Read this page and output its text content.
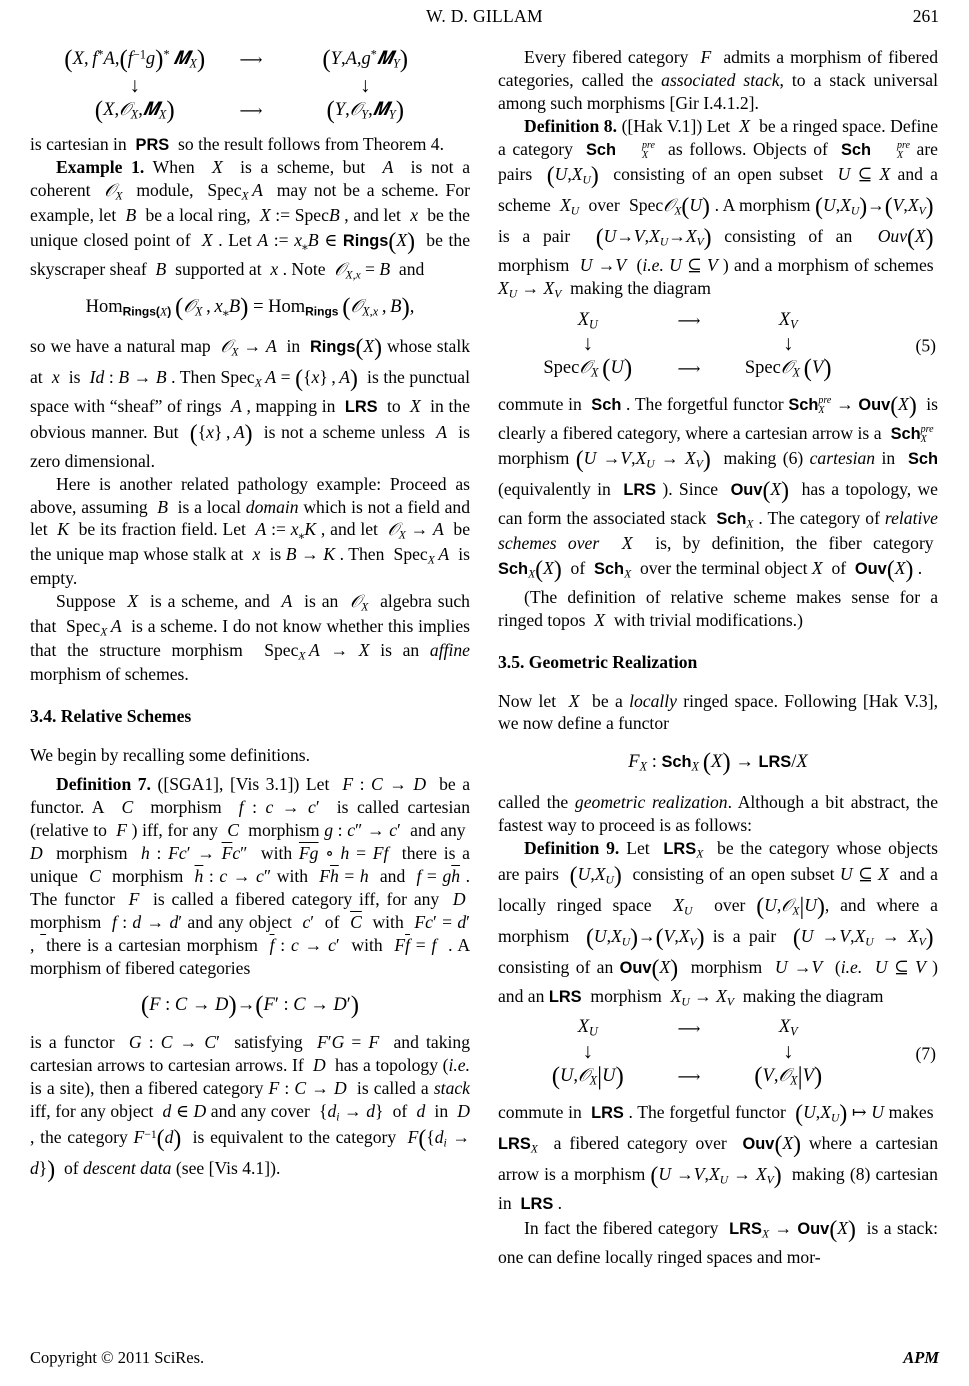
W. D. GILLAM	261
(X, $f^*A,(f^{-1}g)^*$  𝑴$_X$) ⟶ (Y,A,g*𝑴$_Y$)
↓	↓
(X,𝒪$_X$,𝑴$_X$)	⟶	(Y,𝒪$_Y$,𝑴$_Y$)

is cartesian in  PRS  so the result follows from Theorem 4.

Example 1. When  X  is a scheme, but  A  is not a coherent  𝒪$_X$  module,  Spec$_X$  A  may not be a scheme. For example, let  B  be a local ring,  X := SpecB , and let  x  be the unique closed point of  X . Let A := $x_⁎B$ ∈ Rings(X)  be the skyscraper sheaf  B  supported at  x . Note  𝒪$_{X,x}$ = B  and

Hom$_{Rings(X)}$  (𝒪$_X$ , $x_⁎B) = Hom_{Rings}$  (𝒪$_{X,x}$ , B),

so we have a natural map  𝒪$_X$ → A  in  Rings(X) whose stalk at  x  is  Id : B → B . Then Spec$_X$  A = ({x} , A)  is the punctual space with “sheaf” of rings  A , mapping in  LRS  to  X  in the obvious manner. But  ({x} , A)  is not a scheme unless  A  is zero dimensional.

Here is another related pathology example: Proceed as above, assuming  B  is a local domain which is not a field and let  K  be its fraction field. Let  A := $x_⁎K$ , and let  𝒪$_X$ → A  be the unique map whose stalk at  x  is B → K . Then  Spec$_X$  A  is empty.

Suppose  X  is a scheme, and  A  is an  𝒪$_X$  algebra such that  Spec$_X$  A  is a scheme. I do not know whether this implies that the structure morphism  Spec$_X$  A → X is an affine morphism of schemes.

3.4. Relative Schemes

We begin by recalling some definitions.

Definition 7. ([SGA1], [Vis 3.1]) Let  F : C → D  be a functor. A  C  morphism  f : c → c′  is called cartesian (relative to  F ) iff, for any  C  morphism g : c″ → c′  and any  D  morphism  h : $Fc' \to \overline{F}c''$  with $\overline{Fg}$ ∘ h = Ff  there is a unique  C  morphism  $\overline{h}$ : c → c″ with  $F\overline{h} = h$  and  $f = g\overline{h}$ . The functor  F  is called a fibered category iff, for any  D  morphism  f : d → d′ and any object  c′  of  $\overline{C}$  with  Fc′ = d′ ,  there is a cartesian morphism  $\overline{f}$ : c → c′  with  $F\overline{f} = f$  . A morphism of fibered categories

(F : C → D)→(F′ : C → D′)

is a functor  G : C → C′  satisfying  F′G = F  and taking cartesian arrows to cartesian arrows. If  D  has a topology (i.e. is a site), then a fibered category F : C → D  is called a stack iff, for any object  d ∈ D and any cover  $\{d_i \to d\}$  of  d  in  D , the category $F^{-1}(d)$  is equivalent to the category  $F(\{d_i \to d\})$  of descent data (see [Vis 4.1]).

Every fibered category  F  admits a morphism of fibered categories, called the associated stack, to a stack universal among such morphisms [Gir I.4.1.2].

Definition 8. ([Hak V.1]) Let  X  be a ringed space. Define a category  Sch	pre
X as follows. Objects of  Sch	pre
X are pairs  $(U,X_U)$  consisting of an open subset  U ⊆ X and a scheme  $X_U$  over  Spec𝒪$_X$(U) . A morphism $(U,X_U)\to(V,X_V)$  is a pair  $(U\to V,X_U\to X_V)$ consisting of an  Ouv(X)  morphism  U →V  (i.e. U ⊆ V ) and a morphism of schemes  $X_U \to X_V$  making the diagram

$X_U$	⟶	$X_V$
↓	↓
Spec𝒪$_X$  (U)	⟶	Spec𝒪$_X$  (V)
(5)

commute in  Sch . The forgetful functor Sch pre
X → Ouv(X)  is clearly a fibered category, where a cartesian arrow is a  Sch pre
X morphism $(U \to V,X_U \to X_V)$  making (6) cartesian in  Sch (equivalently in  LRS ). Since  Ouv(X)  has a topology, we can form the associated stack  Sch$_X$ . The category of relative schemes over X  is, by definition, the fiber category  Sch$_X$(X)  of  Sch$_X$  over the terminal object X  of  Ouv(X) .

(The definition of relative scheme makes sense for a ringed topos  X  with trivial modifications.)

3.5. Geometric Realization

Now let  X  be a locally ringed space. Following [Hak V.3], we now define a functor

$F_X$ : Sch$_X$  (X) → LRS/X

called the geometric realization. Although a bit abstract, the fastest way to proceed is as follows:

Definition 9. Let  $LRS_X$  be the category whose objects are pairs  $(U,X_U)$  consisting of an open subset U ⊆ X  and a locally ringed space  $X_U$  over (U,𝒪$_X$|U), and where a morphism  $(U,X_U)\to(V,X_V)$ is a pair  $(U \to V,X_U \to X_V)$  consisting of an Ouv(X)  morphism  U →V  (i.e. U ⊆ V ) and an LRS  morphism  $X_U \to X_V$  making the diagram

$X_U$	⟶	$X_V$
↓	↓
(U,𝒪$_X$|U)	⟶ (V,𝒪$_X$|V)
(7)

commute in  LRS . The forgetful functor  $(U,X_U)$ ↦ U makes  $LRS_X$  a fibered category over  Ouv(X) where a cartesian arrow is a morphism $(U \to V,X_U \to X_V)$  making (8) cartesian in  LRS .

In fact the fibered category  $LRS_X \to Ouv(X)$  is a stack: one can define locally ringed spaces and mor-

Copyright © 2011 SciRes.	APM
